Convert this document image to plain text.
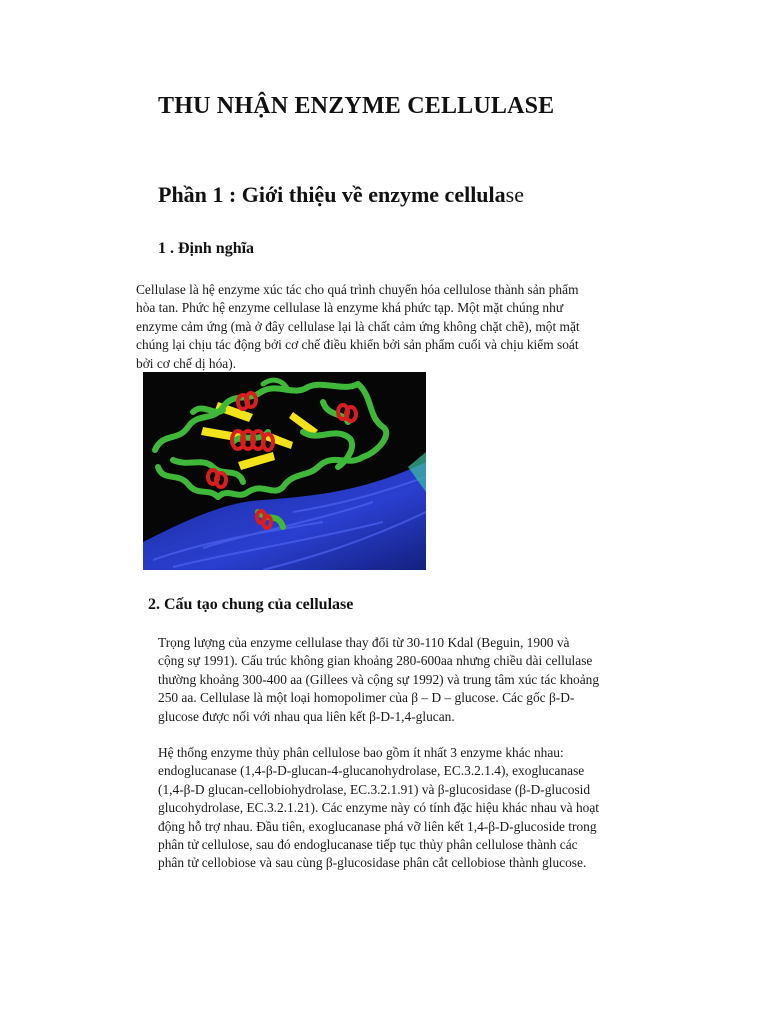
THU NHẬN ENZYME CELLULASE
Phần 1 : Giới thiệu về enzyme cellulase
1 . Định nghĩa
Cellulase là hệ enzyme xúc tác cho quá trình chuyển hóa cellulose thành sản phẩm
hòa tan. Phức hệ enzyme cellulase là enzyme khá phức tạp. Một mặt chúng như
enzyme cảm ứng (mà ở đây cellulase lại là chất cảm ứng không chặt chẽ), một mặt
chúng lại chịu tác động bởi cơ chế điều khiển bởi sản phẩm cuối và chịu kiểm soát
bởi cơ chế dị hóa).
2. Cấu tạo chung của cellulase
Trọng lượng của enzyme cellulase thay đổi từ 30-110 Kdal (Beguin, 1900 và
cộng sự 1991). Cấu trúc không gian khoảng 280-600aa nhưng chiều dài cellulase
thường khoảng 300-400 aa (Gillees và cộng sự 1992) và trung tâm xúc tác khoảng
250 aa. Cellulase là một loại homopolimer của β – D – glucose. Các gốc β-D-
glucose được nối với nhau qua liên kết β-D-1,4-glucan.
Hệ thống enzyme thủy phân cellulose bao gồm ít nhất 3 enzyme khác nhau:
endoglucanase (1,4-β-D-glucan-4-glucanohydrolase, EC.3.2.1.4), exoglucanase
(1,4-β-D glucan-cellobiohydrolase, EC.3.2.1.91) và β-glucosidase (β-D-glucosid
glucohydrolase, EC.3.2.1.21). Các enzyme này có tính đặc hiệu khác nhau và hoạt
động hỗ trợ nhau. Đầu tiên, exoglucanase phá vỡ liên kết 1,4-β-D-glucoside trong
phân tử cellulose, sau đó endoglucanase tiếp tục thủy phân cellulose thành các
phân tử cellobiose và sau cùng β-glucosidase phân cắt cellobiose thành glucose.
